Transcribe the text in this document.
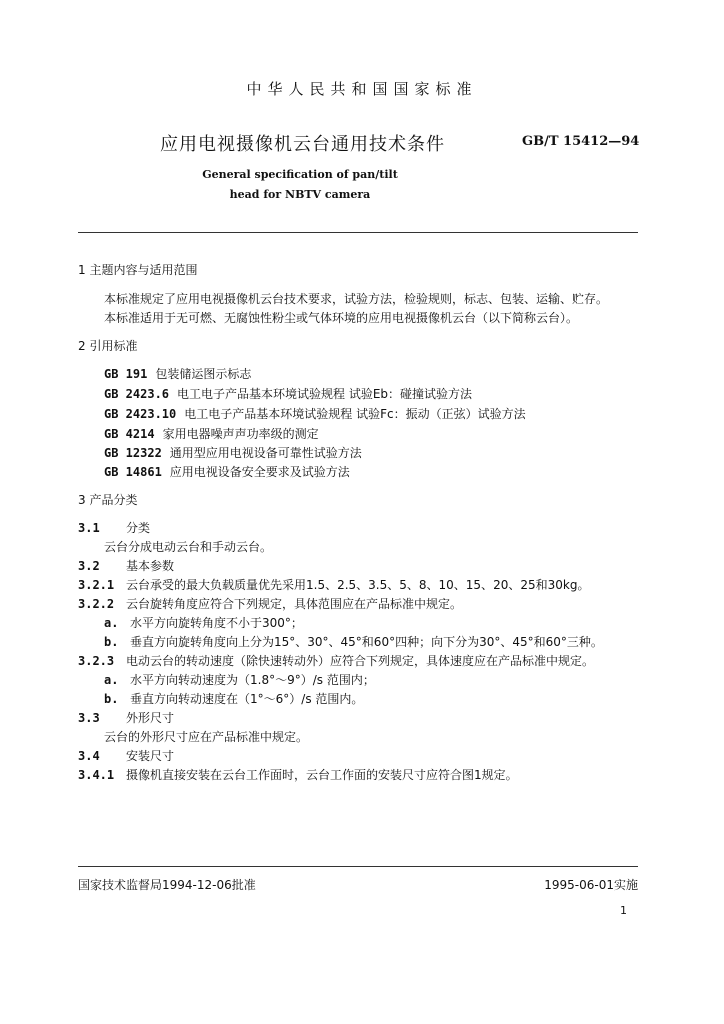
中华人民共和国国家标准
应用电视摄像机云台通用技术条件	GB/T 15412—94
General specification of pan/tilt
head for NBTV camera
1 主题内容与适用范围
本标准规定了应用电视摄像机云台技术要求，试验方法，检验规则，标志、包装、运输、贮存。
本标准适用于无可燃、无腐蚀性粉尘或气体环境的应用电视摄像机云台（以下简称云台）。
2 引用标准
GB 191 包装储运图示标志
GB 2423.6 电工电子产品基本环境试验规程 试验Eb：碰撞试验方法
GB 2423.10 电工电子产品基本环境试验规程 试验Fc：振动（正弦）试验方法
GB 4214 家用电器噪声声功率级的测定
GB 12322 通用型应用电视设备可靠性试验方法
GB 14861 应用电视设备安全要求及试验方法
3 产品分类
3.1 分类
云台分成电动云台和手动云台。
3.2 基本参数
3.2.1 云台承受的最大负载质量优先采用1.5、2.5、3.5、5、8、10、15、20、25和30kg。
3.2.2 云台旋转角度应符合下列规定，具体范围应在产品标准中规定。
a. 水平方向旋转角度不小于300°；
b. 垂直方向旋转角度向上分为15°、30°、45°和60°四种；向下分为30°、45°和60°三种。
3.2.3 电动云台的转动速度（除快速转动外）应符合下列规定，具体速度应在产品标准中规定。
a. 水平方向转动速度为（1.8°～9°）/s 范围内；
b. 垂直方向转动速度在（1°～6°）/s 范围内。
3.3 外形尺寸
云台的外形尺寸应在产品标准中规定。
3.4 安装尺寸
3.4.1 摄像机直接安装在云台工作面时，云台工作面的安装尺寸应符合图1规定。
国家技术监督局1994-12-06批准	1995-06-01实施
1
